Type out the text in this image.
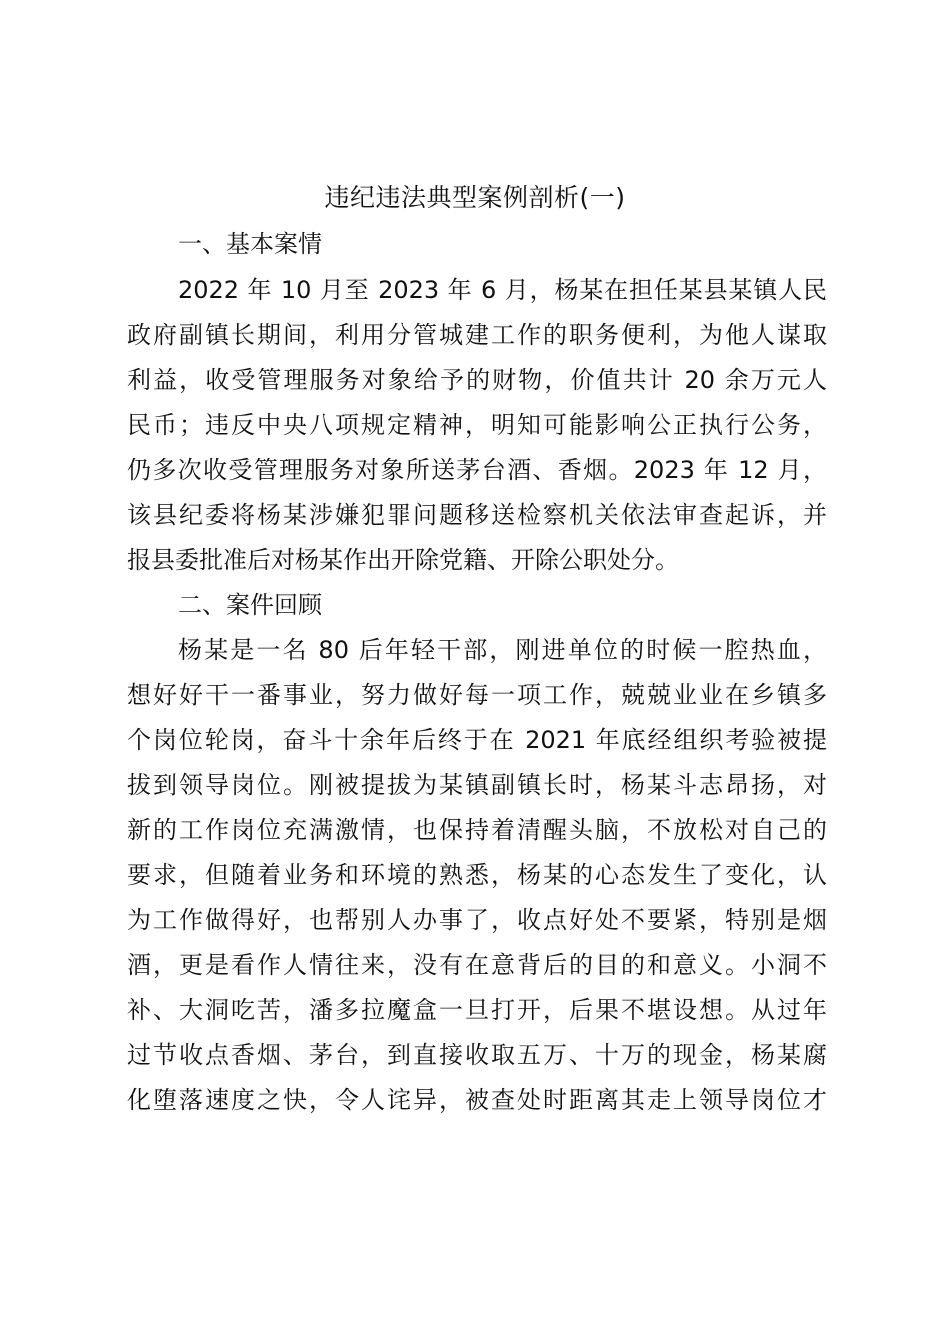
违纪违法典型案例剖析(一)
一、基本案情
2022 年 10 月至 2023 年 6 月，杨某在担任某县某镇人民
政府副镇长期间，利用分管城建工作的职务便利，为他人谋取
利益，收受管理服务对象给予的财物，价值共计 20 余万元人
民币；违反中央八项规定精神，明知可能影响公正执行公务，
仍多次收受管理服务对象所送茅台酒、香烟。2023 年 12 月，
该县纪委将杨某涉嫌犯罪问题移送检察机关依法审查起诉，并
报县委批准后对杨某作出开除党籍、开除公职处分。
二、案件回顾
杨某是一名 80 后年轻干部，刚进单位的时候一腔热血，
想好好干一番事业，努力做好每一项工作，兢兢业业在乡镇多
个岗位轮岗，奋斗十余年后终于在 2021 年底经组织考验被提
拔到领导岗位。刚被提拔为某镇副镇长时，杨某斗志昂扬，对
新的工作岗位充满激情，也保持着清醒头脑，不放松对自己的
要求，但随着业务和环境的熟悉，杨某的心态发生了变化，认
为工作做得好，也帮别人办事了，收点好处不要紧，特别是烟
酒，更是看作人情往来，没有在意背后的目的和意义。小洞不
补、大洞吃苦，潘多拉魔盒一旦打开，后果不堪设想。从过年
过节收点香烟、茅台，到直接收取五万、十万的现金，杨某腐
化堕落速度之快，令人诧异，被查处时距离其走上领导岗位才
